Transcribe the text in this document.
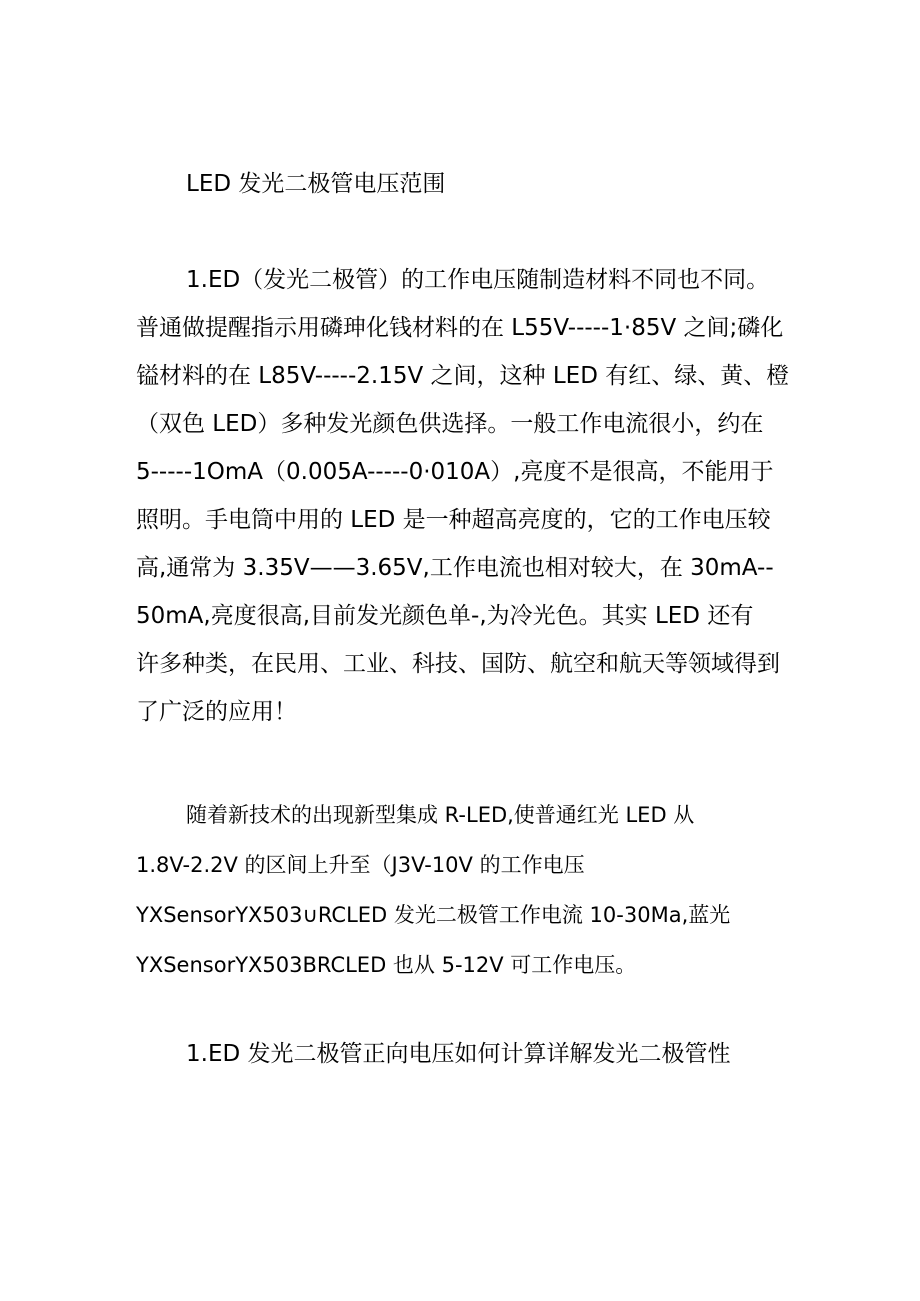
LED 发光二极管电压范围
1.ED（发光二极管）的工作电压随制造材料不同也不同。
普通做提醒指示用磷珅化钱材料的在 L55V-----1·85V 之间;磷化
镒材料的在 L85V-----2.15V 之间，这种 LED 有红、绿、黄、橙
（双色 LED）多种发光颜色供选择。一般工作电流很小，约在
5-----1OmA（0.005A-----0·010A）,亮度不是很高，不能用于
照明。手电筒中用的 LED 是一种超高亮度的，它的工作电压较
高,通常为 3.35V——3.65V,工作电流也相对较大，在 30mA--
50mA,亮度很高,目前发光颜色单-,为冷光色。其实 LED 还有
许多种类，在民用、工业、科技、国防、航空和航天等领域得到
了广泛的应用！
随着新技术的出现新型集成 R-LED,使普通红光 LED 从
1.8V-2.2V 的区间上升至（J3V-10V 的工作电压
YXSensorYX503∪RCLED 发光二极管工作电流 10-30Ma,蓝光
YXSensorYX503BRCLED 也从 5-12V 可工作电压。
1.ED 发光二极管正向电压如何计算详解发光二极管性
